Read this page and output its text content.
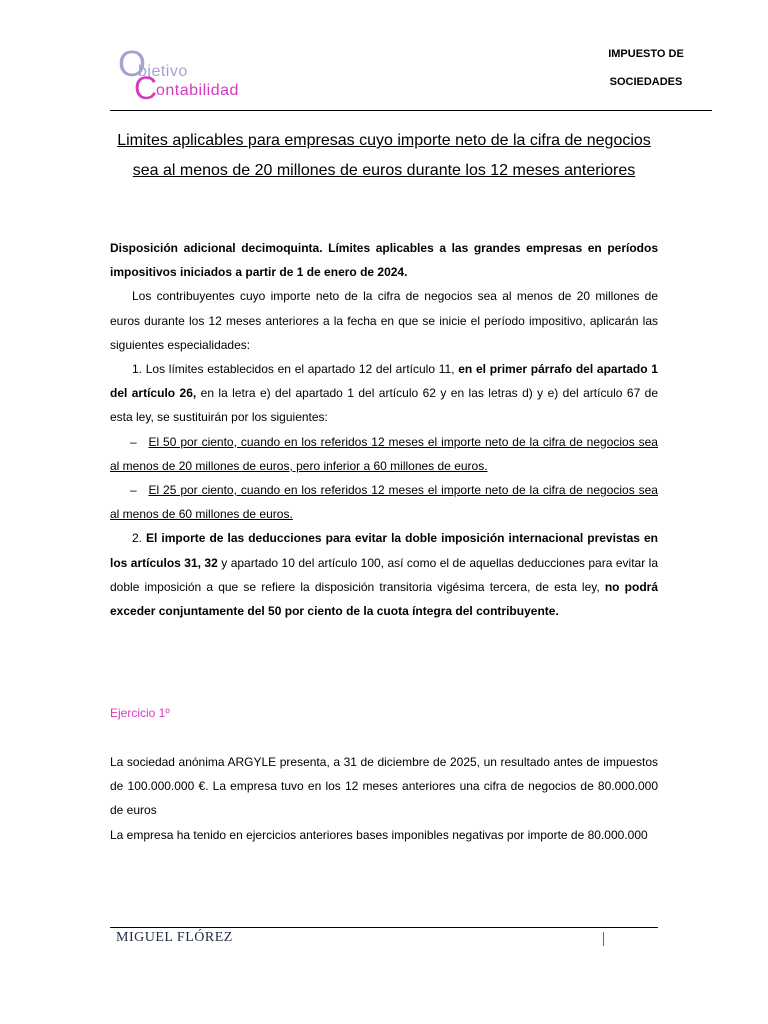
O
bjetivo
C
ontabilidad
IMPUESTO DE
SOCIEDADES
Limites aplicables para empresas cuyo importe neto de la cifra de negocios
sea al menos de 20 millones de euros durante los 12 meses anteriores

Disposición adicional decimoquinta. Límites aplicables a las grandes empresas en períodos impositivos iniciados a partir de 1 de enero de 2024.

Los contribuyentes cuyo importe neto de la cifra de negocios sea al menos de 20 millones de euros durante los 12 meses anteriores a la fecha en que se inicie el período impositivo, aplicarán las siguientes especialidades:

1. Los límites establecidos en el apartado 12 del artículo 11, en el primer párrafo del apartado 1 del artículo 26, en la letra e) del apartado 1 del artículo 62 y en las letras d) y e) del artículo 67 de esta ley, se sustituirán por los siguientes:

– El 50 por ciento, cuando en los referidos 12 meses el importe neto de la cifra de negocios sea al menos de 20 millones de euros, pero inferior a 60 millones de euros.

– El 25 por ciento, cuando en los referidos 12 meses el importe neto de la cifra de negocios sea al menos de 60 millones de euros.

2. El importe de las deducciones para evitar la doble imposición internacional previstas en los artículos 31, 32 y apartado 10 del artículo 100, así como el de aquellas deducciones para evitar la doble imposición a que se refiere la disposición transitoria vigésima tercera, de esta ley, no podrá exceder conjuntamente del 50 por ciento de la cuota íntegra del contribuyente.

Ejercicio 1º

La sociedad anónima ARGYLE presenta, a 31 de diciembre de 2025, un resultado antes de impuestos de 100.000.000 €. La empresa tuvo en los 12 meses anteriores una cifra de negocios de 80.000.000 de euros

La empresa ha tenido en ejercicios anteriores bases imponibles negativas por importe de 80.000.000

MIGUEL FLÓREZ
